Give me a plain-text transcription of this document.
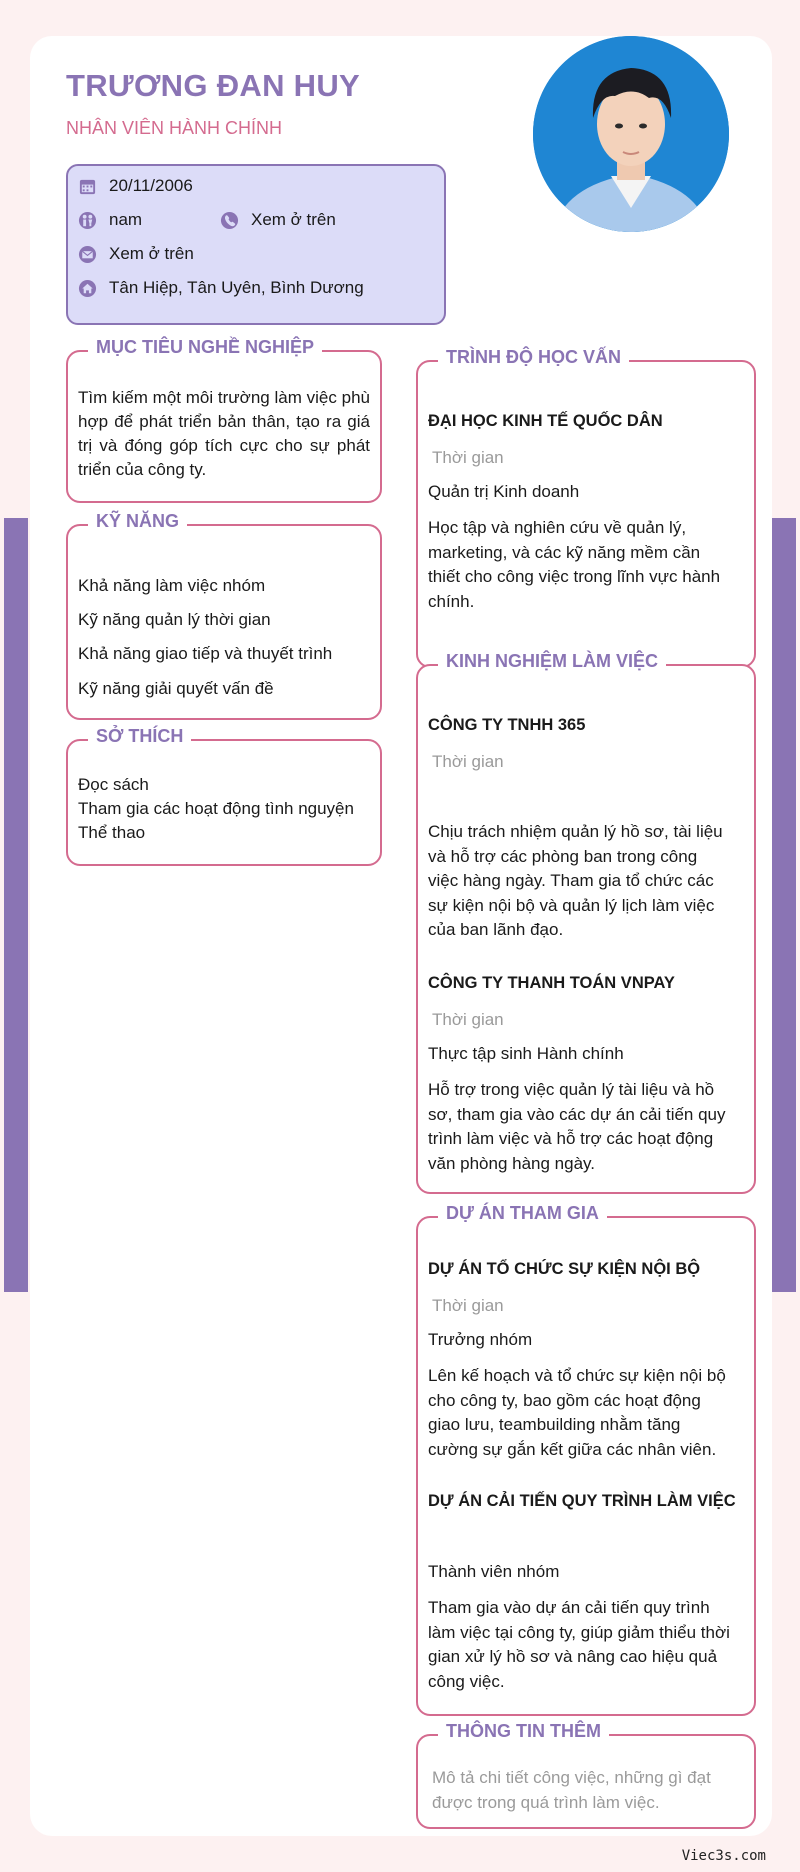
TRƯƠNG ĐAN HUY
NHÂN VIÊN HÀNH CHÍNH
20/11/2006
nam	Xem ở trên
Xem ở trên
Tân Hiệp, Tân Uyên, Bình Dương
MỤC TIÊU NGHỀ NGHIỆP
Tìm kiếm một môi trường làm việc phù hợp để phát triển bản thân, tạo ra giá trị và đóng góp tích cực cho sự phát triển của công ty.
KỸ NĂNG
Khả năng làm việc nhóm
Kỹ năng quản lý thời gian
Khả năng giao tiếp và thuyết trình
Kỹ năng giải quyết vấn đề
SỞ THÍCH
Đọc sách
Tham gia các hoạt động tình nguyện
Thể thao
TRÌNH ĐỘ HỌC VẤN
ĐẠI HỌC KINH TẾ QUỐC DÂN
Thời gian
Quản trị Kinh doanh
Học tập và nghiên cứu về quản lý, marketing, và các kỹ năng mềm cần thiết cho công việc trong lĩnh vực hành chính.
KINH NGHIỆM LÀM VIỆC
CÔNG TY TNHH 365
Thời gian
Chịu trách nhiệm quản lý hồ sơ, tài liệu và hỗ trợ các phòng ban trong công việc hàng ngày. Tham gia tổ chức các sự kiện nội bộ và quản lý lịch làm việc của ban lãnh đạo.
CÔNG TY THANH TOÁN VNPAY
Thời gian
Thực tập sinh Hành chính
Hỗ trợ trong việc quản lý tài liệu và hồ sơ, tham gia vào các dự án cải tiến quy trình làm việc và hỗ trợ các hoạt động văn phòng hàng ngày.
DỰ ÁN THAM GIA
DỰ ÁN TỔ CHỨC SỰ KIỆN NỘI BỘ
Thời gian
Trưởng nhóm
Lên kế hoạch và tổ chức sự kiện nội bộ cho công ty, bao gồm các hoạt động giao lưu, teambuilding nhằm tăng cường sự gắn kết giữa các nhân viên.
DỰ ÁN CẢI TIẾN QUY TRÌNH LÀM VIỆC
Thành viên nhóm
Tham gia vào dự án cải tiến quy trình làm việc tại công ty, giúp giảm thiểu thời gian xử lý hồ sơ và nâng cao hiệu quả công việc.
THÔNG TIN THÊM
Mô tả chi tiết công việc, những gì đạt được trong quá trình làm việc.
Viec3s.com
